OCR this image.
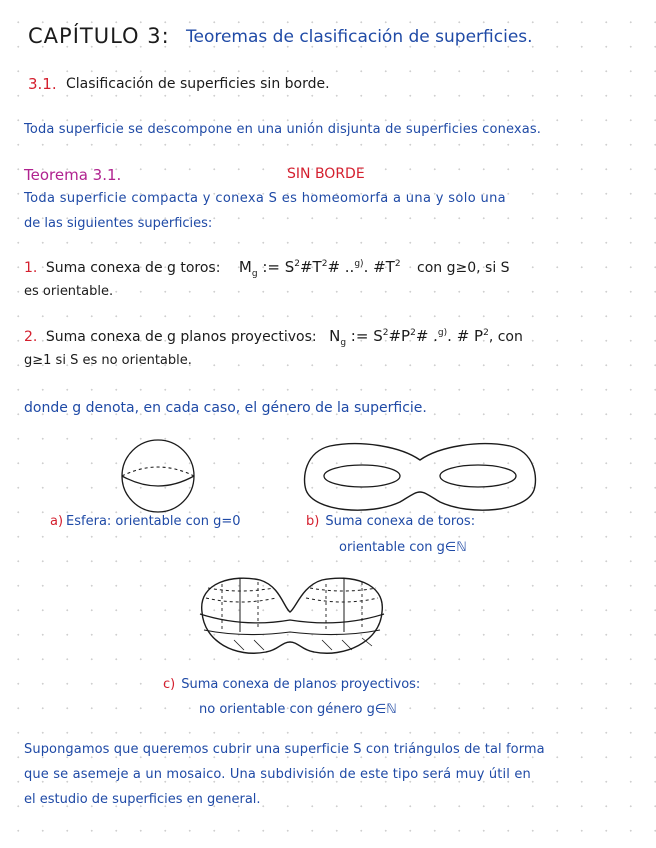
CAPÍTULO 3: Teoremas de clasificación de superficies.
3.1. Clasificación de superficies sin borde.
Toda superficie se descompone en una unión disjunta de superficies conexas.
Teorema 3.1.	SIN BORDE
Toda superficie compacta y conexa S es homeomorfa a una y solo una
de las siguientes superficies:
1. Suma conexa de g toros: $M_g$ := $S^2\#T^2\#$ ..$^{g)}$. $\#T^2$ con g≥0, si S
es orientable.
2. Suma conexa de g planos proyectivos: $N_g$ := $S^2\#P^2\#$ .$^{g)}$. # $P^2$, con
g≥1 si S es no orientable.
donde g denota, en cada caso, el género de la superficie.
a) Esfera: orientable con g=0	b) Suma conexa de toros:
orientable con g∈ℕ
c) Suma conexa de planos proyectivos:
no orientable con género g∈ℕ
Supongamos que queremos cubrir una superficie S con triángulos de tal forma
que se asemeje a un mosaico. Una subdivisión de este tipo será muy útil en
el estudio de superficies en general.
